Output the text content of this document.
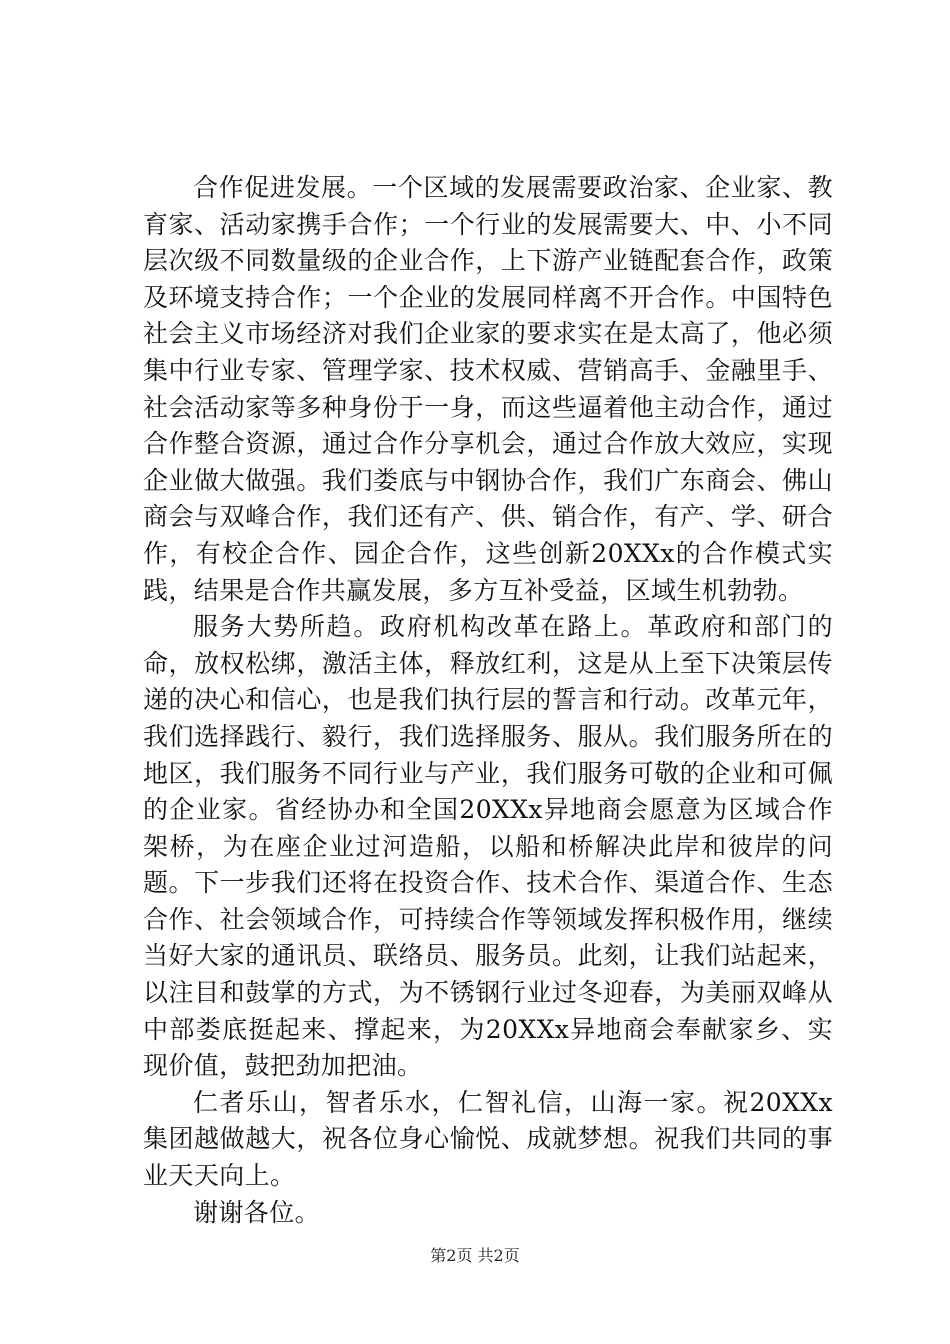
合作促进发展。一个区域的发展需要政治家、企业家、教育家、活动家携手合作；一个行业的发展需要大、中、小不同层次级不同数量级的企业合作，上下游产业链配套合作，政策及环境支持合作；一个企业的发展同样离不开合作。中国特色社会主义市场经济对我们企业家的要求实在是太高了，他必须集中行业专家、管理学家、技术权威、营销高手、金融里手、社会活动家等多种身份于一身，而这些逼着他主动合作，通过合作整合资源，通过合作分享机会，通过合作放大效应，实现企业做大做强。我们娄底与中钢协合作，我们广东商会、佛山商会与双峰合作，我们还有产、供、销合作，有产、学、研合作，有校企合作、园企合作，这些创新20XXx的合作模式实践，结果是合作共赢发展，多方互补受益，区域生机勃勃。

服务大势所趋。政府机构改革在路上。革政府和部门的命，放权松绑，激活主体，释放红利，这是从上至下决策层传递的决心和信心，也是我们执行层的誓言和行动。改革元年，我们选择践行、毅行，我们选择服务、服从。我们服务所在的地区，我们服务不同行业与产业，我们服务可敬的企业和可佩的企业家。省经协办和全国20XXx异地商会愿意为区域合作架桥，为在座企业过河造船，以船和桥解决此岸和彼岸的问题。下一步我们还将在投资合作、技术合作、渠道合作、生态合作、社会领域合作，可持续合作等领域发挥积极作用，继续当好大家的通讯员、联络员、服务员。此刻，让我们站起来，以注目和鼓掌的方式，为不锈钢行业过冬迎春，为美丽双峰从中部娄底挺起来、撑起来，为20XXx异地商会奉献家乡、实现价值，鼓把劲加把油。

仁者乐山，智者乐水，仁智礼信，山海一家。祝20XXx集团越做越大，祝各位身心愉悦、成就梦想。祝我们共同的事业天天向上。

谢谢各位。

第2页 共2页
